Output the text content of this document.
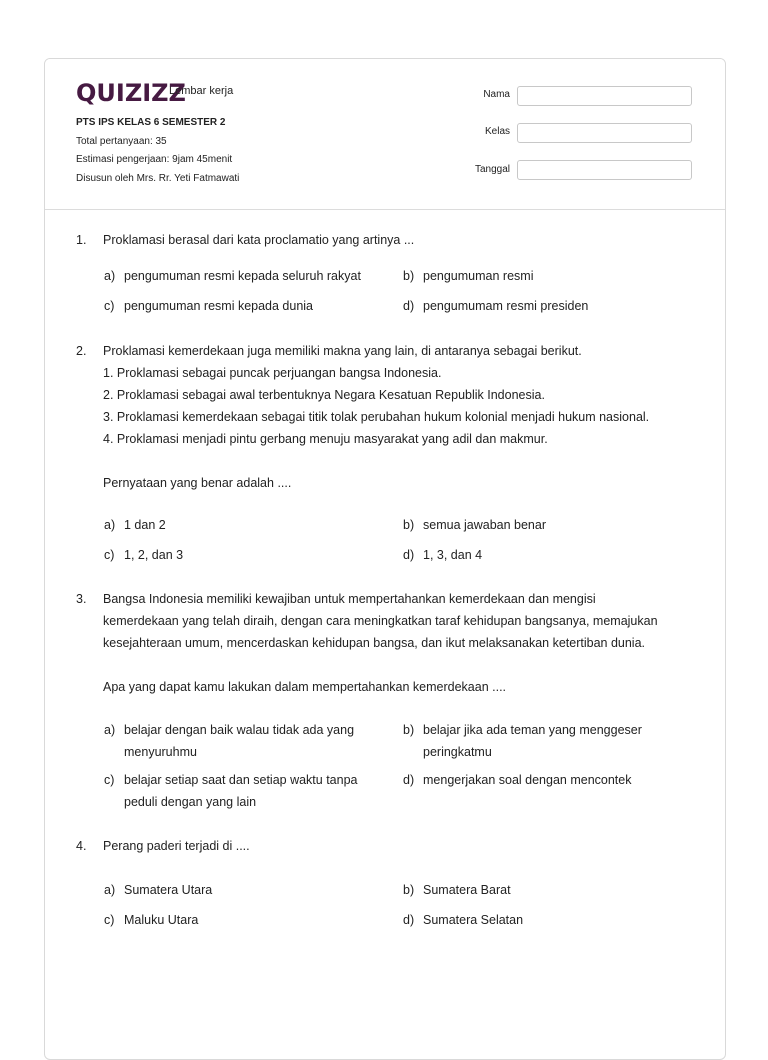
QUIZIZZ
Lembar kerja
PTS IPS KELAS 6 SEMESTER 2
Total pertanyaan: 35
Estimasi pengerjaan: 9jam 45menit
Disusun oleh Mrs. Rr. Yeti Fatmawati
Nama
Kelas
Tanggal
1.	Proklamasi berasal dari kata proclamatio yang artinya ...
a) pengumuman resmi kepada seluruh rakyat	b) pengumuman resmi
c) pengumuman resmi kepada dunia	d) pengumumam resmi presiden
2.	Proklamasi kemerdekaan juga memiliki makna yang lain, di antaranya sebagai berikut.
1. Proklamasi sebagai puncak perjuangan bangsa Indonesia.
2. Proklamasi sebagai awal terbentuknya Negara Kesatuan Republik Indonesia.
3. Proklamasi kemerdekaan sebagai titik tolak perubahan hukum kolonial menjadi hukum nasional.
4. Proklamasi menjadi pintu gerbang menuju masyarakat yang adil dan makmur.
Pernyataan yang benar adalah ....
a) 1 dan 2	b) semua jawaban benar
c) 1, 2, dan 3	d) 1, 3, dan 4
3.	Bangsa Indonesia memiliki kewajiban untuk mempertahankan kemerdekaan dan mengisi
kemerdekaan yang telah diraih, dengan cara meningkatkan taraf kehidupan bangsanya, memajukan
kesejahteraan umum, mencerdaskan kehidupan bangsa, dan ikut melaksanakan ketertiban dunia.
Apa yang dapat kamu lakukan dalam mempertahankan kemerdekaan ....
a) belajar dengan baik walau tidak ada yang
menyuruhmu
b) belajar jika ada teman yang menggeser
peringkatmu
c) belajar setiap saat dan setiap waktu tanpa
peduli dengan yang lain
d) mengerjakan soal dengan mencontek
4.	Perang paderi terjadi di ....
a) Sumatera Utara	b) Sumatera Barat
c) Maluku Utara	d) Sumatera Selatan
